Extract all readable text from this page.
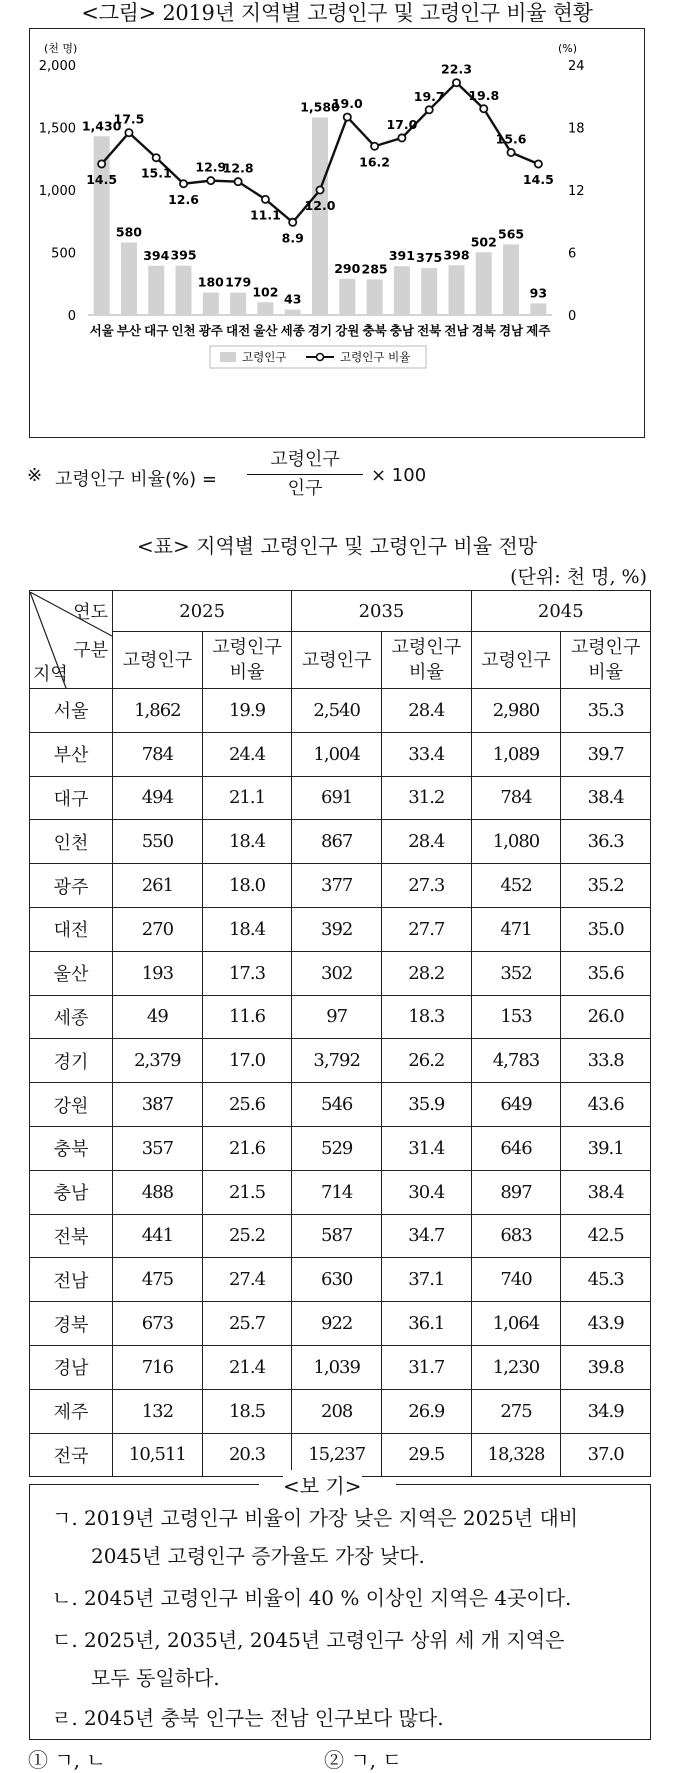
<그림> 2019년 지역별 고령인구 및 고령인구 비율 현황
(천 명)	(%)
2,000
1,500
1,000
500
0
24
18
12
6
0
1,430
서울
580
부산
394
대구
395
인천
180
광주
179
대전
102
울산
43
세종
1,580
경기
290
강원
285
충북
391
충남
375
전북
398
전남
502
경북
565
경남
93
제주
14.5
17.5
15.1
12.6
12.9
12.8
11.1
8.9
12.0
19.0
16.2
17.0
19.7
22.3
19.8
15.6
14.5
고령인구	고령인구 비율
※ 고령인구 비율(%) =
고령인구
인구
× 100
<표> 지역별 고령인구 및 고령인구 비율 전망
(단위: 천 명, %)
연도
구분
지역	2025		2035		2045	
	고령인구	고령인구
비율	고령인구	고령인구
비율	고령인구	고령인구
비율
서울	1,862	19.9	2,540	28.4	2,980	35.3
부산	784	24.4	1,004	33.4	1,089	39.7
대구	494	21.1	691	31.2	784	38.4
인천	550	18.4	867	28.4	1,080	36.3
광주	261	18.0	377	27.3	452	35.2
대전	270	18.4	392	27.7	471	35.0
울산	193	17.3	302	28.2	352	35.6
세종	49	11.6	97	18.3	153	26.0
경기	2,379	17.0	3,792	26.2	4,783	33.8
강원	387	25.6	546	35.9	649	43.6
충북	357	21.6	529	31.4	646	39.1
충남	488	21.5	714	30.4	897	38.4
전북	441	25.2	587	34.7	683	42.5
전남	475	27.4	630	37.1	740	45.3
경북	673	25.7	922	36.1	1,064	43.9
경남	716	21.4	1,039	31.7	1,230	39.8
제주	132	18.5	208	26.9	275	34.9
전국	10,511	20.3	15,237	29.5	18,328	37.0
<보 기>
ㄱ. 2019년 고령인구 비율이 가장 낮은 지역은 2025년 대비
2045년 고령인구 증가율도 가장 낮다.
ㄴ. 2045년 고령인구 비율이 40 % 이상인 지역은 4곳이다.
ㄷ. 2025년, 2035년, 2045년 고령인구 상위 세 개 지역은
모두 동일하다.
ㄹ. 2045년 충북 인구는 전남 인구보다 많다.
① ㄱ, ㄴ	② ㄱ, ㄷ
